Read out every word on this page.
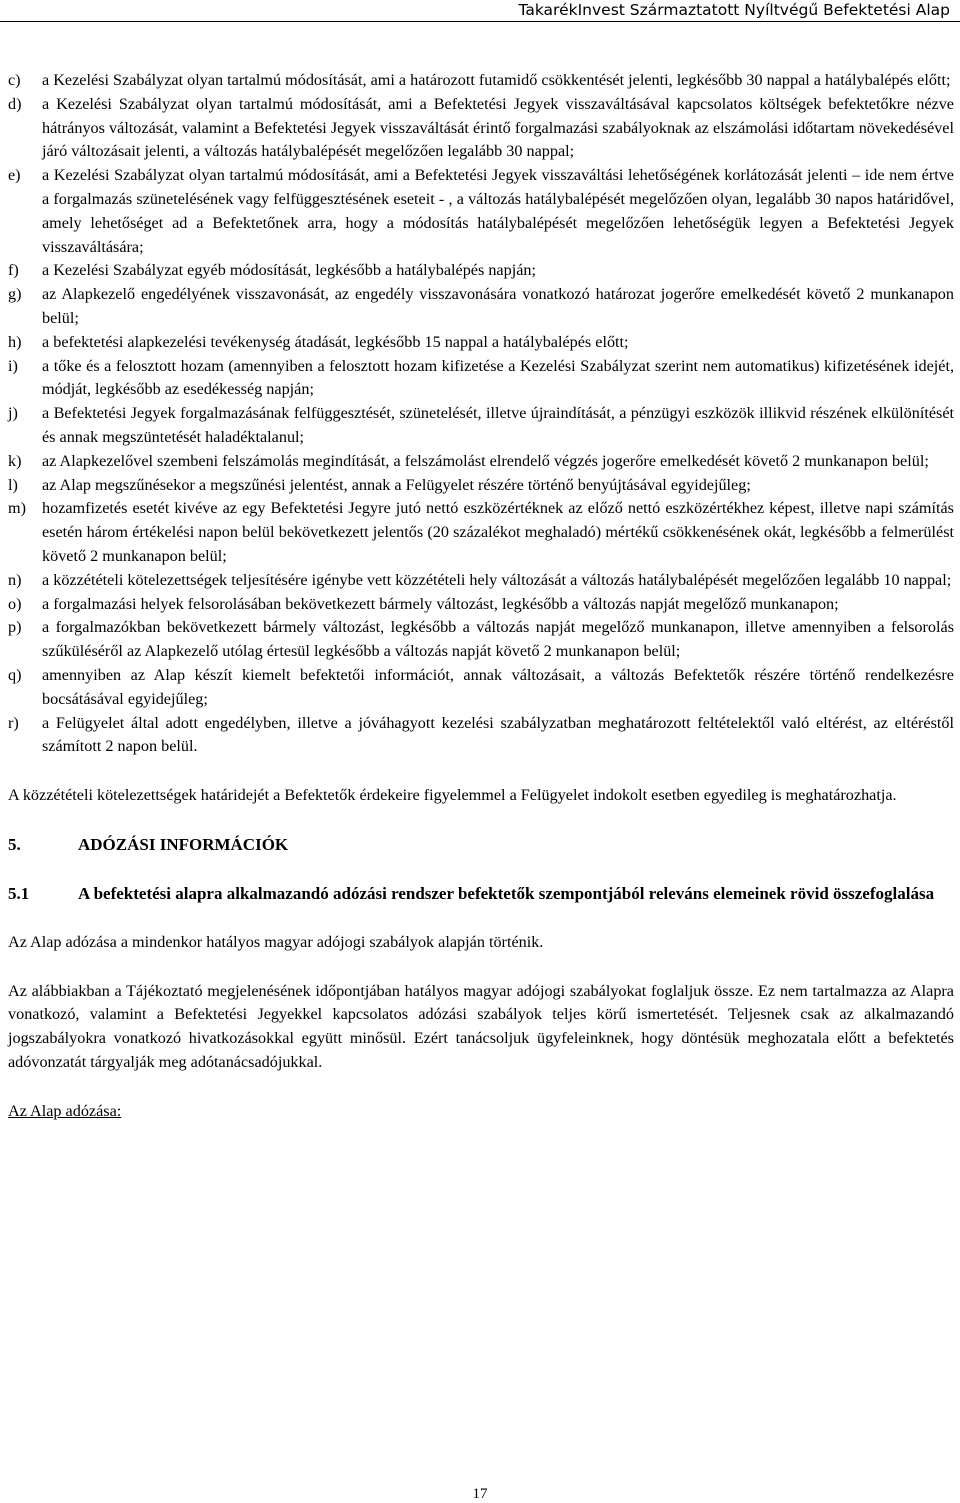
TakarékInvest Származtatott Nyíltvégű Befektetési Alap
c)	a Kezelési Szabályzat olyan tartalmú módosítását, ami a határozott futamidő csökkentését jelenti, legkésőbb 30 nappal a hatálybalépés előtt;
d)	a Kezelési Szabályzat olyan tartalmú módosítását, ami a Befektetési Jegyek visszaváltásával kapcsolatos költségek befektetőkre nézve hátrányos változását, valamint a Befektetési Jegyek visszaváltását érintő forgalmazási szabályoknak az elszámolási időtartam növekedésével járó változásait jelenti, a változás hatálybalépését megelőzően legalább 30 nappal;
e)	a Kezelési Szabályzat olyan tartalmú módosítását, ami a Befektetési Jegyek visszaváltási lehetőségének korlátozását jelenti – ide nem értve a forgalmazás szünetelésének vagy felfüggesztésének eseteit - , a változás hatálybalépését megelőzően olyan, legalább 30 napos határidővel, amely lehetőséget ad a Befektetőnek arra, hogy a módosítás hatálybalépését megelőzően lehetőségük legyen a Befektetési Jegyek visszaváltására;
f)	a Kezelési Szabályzat egyéb módosítását, legkésőbb a hatálybalépés napján;
g)	az Alapkezelő engedélyének visszavonását, az engedély visszavonására vonatkozó határozat jogerőre emelkedését követő 2 munkanapon belül;
h)	a befektetési alapkezelési tevékenység átadását, legkésőbb 15 nappal a hatálybalépés előtt;
i)	a tőke és a felosztott hozam (amennyiben a felosztott hozam kifizetése a Kezelési Szabályzat szerint nem automatikus) kifizetésének idejét, módját, legkésőbb az esedékesség napján;
j)	a Befektetési Jegyek forgalmazásának felfüggesztését, szünetelését, illetve újraindítását, a pénzügyi eszközök illikvid részének elkülönítését és annak megszüntetését haladéktalanul;
k)	az Alapkezelővel szembeni felszámolás megindítását, a felszámolást elrendelő végzés jogerőre emelkedését követő 2 munkanapon belül;
l)	az Alap megszűnésekor a megszűnési jelentést, annak a Felügyelet részére történő benyújtásával egyidejűleg;
m) hozamfizetés esetét kivéve az egy Befektetési Jegyre jutó nettó eszközértéknek az előző nettó eszközértékhez képest, illetve napi számítás esetén három értékelési napon belül bekövetkezett jelentős (20 százalékot meghaladó) mértékű csökkenésének okát, legkésőbb a felmerülést követő 2 munkanapon belül;
n)	a közzétételi kötelezettségek teljesítésére igénybe vett közzétételi hely változását a változás hatálybalépését megelőzően legalább 10 nappal;
o)	a forgalmazási helyek felsorolásában bekövetkezett bármely változást, legkésőbb a változás napját megelőző munkanapon;
p)	a forgalmazókban bekövetkezett bármely változást, legkésőbb a változás napját megelőző munkanapon, illetve amennyiben a felsorolás szűküléséről az Alapkezelő utólag értesül legkésőbb a változás napját követő 2 munkanapon belül;
q)	amennyiben az Alap készít kiemelt befektetői információt, annak változásait, a változás Befektetők részére történő rendelkezésre bocsátásával egyidejűleg;
r)	a Felügyelet által adott engedélyben, illetve a jóváhagyott kezelési szabályzatban meghatározott feltételektől való eltérést, az eltéréstől számított 2 napon belül.

A közzétételi kötelezettségek határidejét a Befektetők érdekeire figyelemmel a Felügyelet indokolt esetben egyedileg is meghatározhatja.

5.	ADÓZÁSI INFORMÁCIÓK
5.1	A befektetési alapra alkalmazandó adózási rendszer befektetők szempontjából releváns elemeinek rövid összefoglalása

Az Alap adózása a mindenkor hatályos magyar adójogi szabályok alapján történik.

Az alábbiakban a Tájékoztató megjelenésének időpontjában hatályos magyar adójogi szabályokat foglaljuk össze. Ez nem tartalmazza az Alapra vonatkozó, valamint a Befektetési Jegyekkel kapcsolatos adózási szabályok teljes körű ismertetését. Teljesnek csak az alkalmazandó jogszabályokra vonatkozó hivatkozásokkal együtt minősül. Ezért tanácsoljuk ügyfeleinknek, hogy döntésük meghozatala előtt a befektetés adóvonzatát tárgyalják meg adótanácsadójukkal.

Az Alap adózása:

17
